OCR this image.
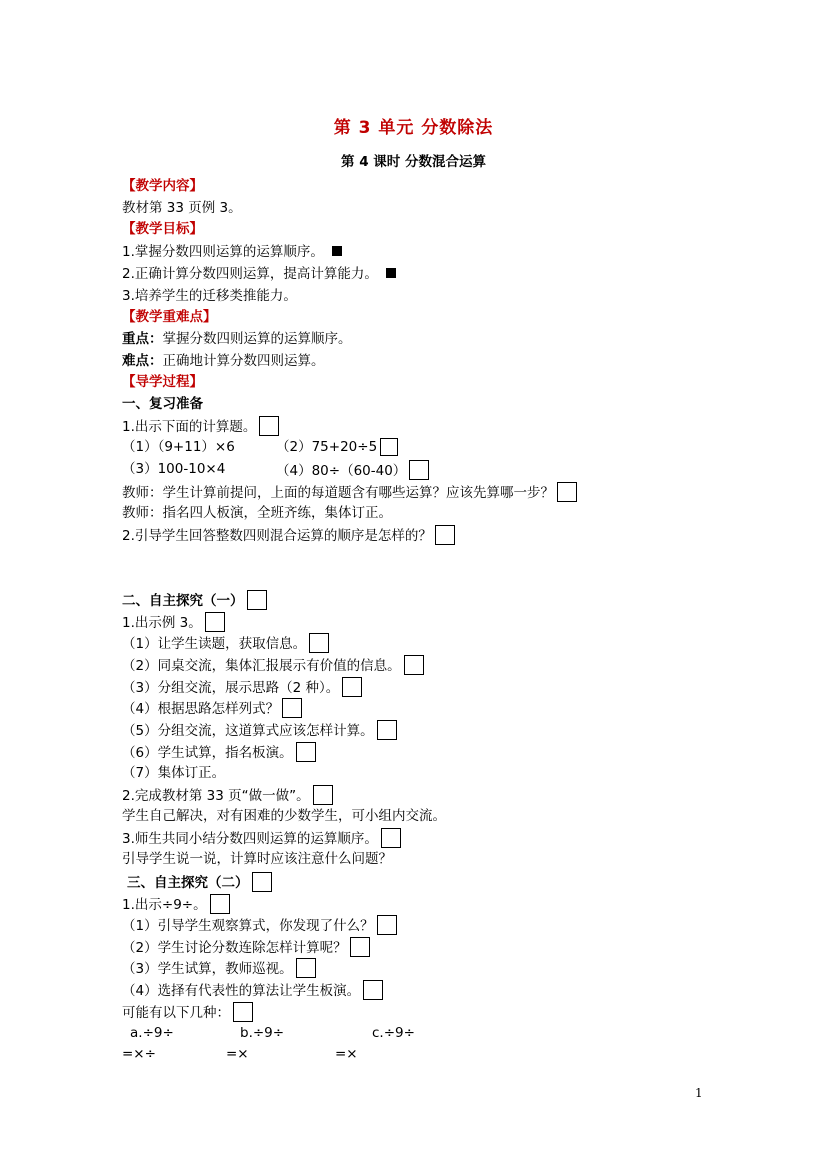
第 3 单元 分数除法
第 4 课时 分数混合运算
【教学内容】
教材第 33 页例 3。
【教学目标】
1.掌握分数四则运算的运算顺序。
2.正确计算分数四则运算，提高计算能力。
3.培养学生的迁移类推能力。
【教学重难点】
重点：掌握分数四则运算的运算顺序。
难点：正确地计算分数四则运算。
【导学过程】
一、复习准备
1.出示下面的计算题。
（1）（9+11）×6	（2）75+20÷5
（3）100-10×4	（4）80÷（60-40）
教师：学生计算前提问，上面的每道题含有哪些运算？应该先算哪一步？
教师：指名四人板演，全班齐练，集体订正。
2.引导学生回答整数四则混合运算的顺序是怎样的？
二、自主探究（一）
1.出示例 3。
（1）让学生读题，获取信息。
（2）同桌交流，集体汇报展示有价值的信息。
（3）分组交流，展示思路（2 种）。
（4）根据思路怎样列式？
（5）分组交流，这道算式应该怎样计算。
（6）学生试算，指名板演。
（7）集体订正。
2.完成教材第 33 页“做一做”。
学生自己解决，对有困难的少数学生，可小组内交流。
3.师生共同小结分数四则运算的运算顺序。
引导学生说一说，计算时应该注意什么问题？
三、自主探究（二）
1.出示÷9÷。
（1）引导学生观察算式，你发现了什么？
（2）学生讨论分数连除怎样计算呢？
（3）学生试算，教师巡视。
（4）选择有代表性的算法让学生板演。
可能有以下几种：
a.÷9÷	b.÷9÷	c.÷9÷
=×÷	=×	=×
1
